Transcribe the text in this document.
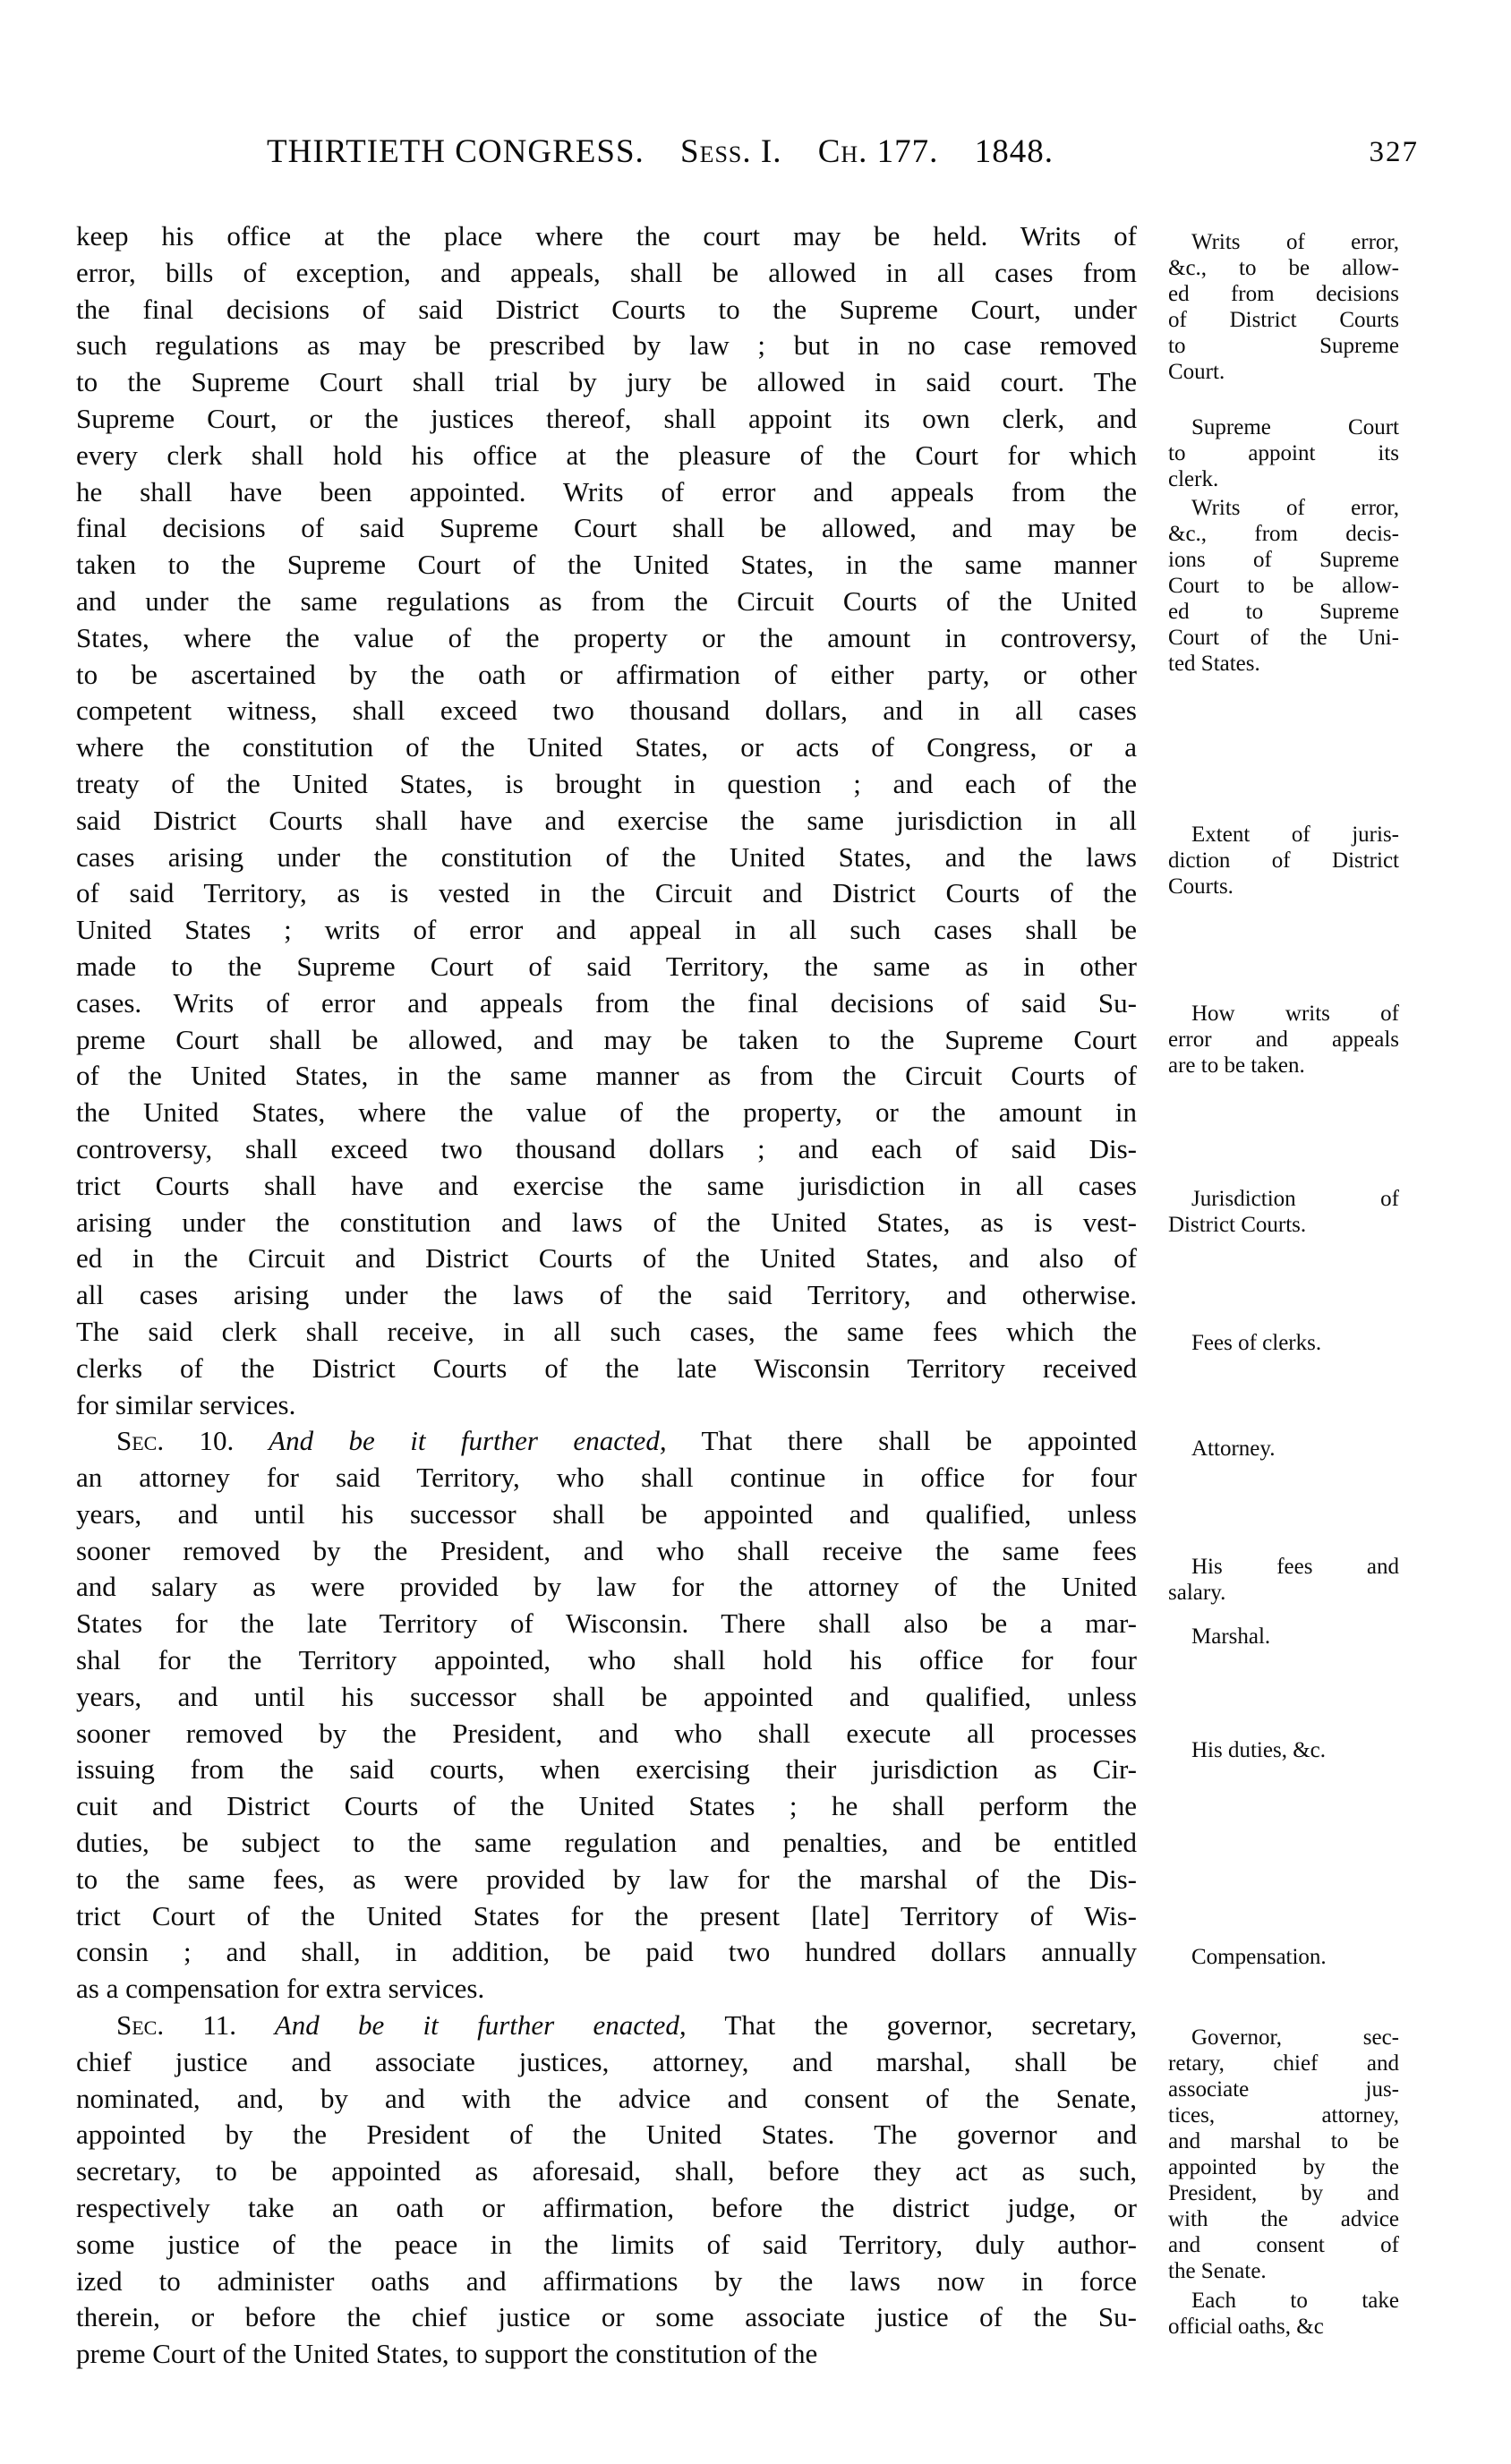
THIRTIETH CONGRESS. Sess. I. Ch. 177. 1848.	327
keep his office at the place where the court may be held. Writs of
error, bills of exception, and appeals, shall be allowed in all cases from
the final decisions of said District Courts to the Supreme Court, under
such regulations as may be prescribed by law ; but in no case removed
to the Supreme Court shall trial by jury be allowed in said court. The
Supreme Court, or the justices thereof, shall appoint its own clerk, and
every clerk shall hold his office at the pleasure of the Court for which
he shall have been appointed. Writs of error and appeals from the
final decisions of said Supreme Court shall be allowed, and may be
taken to the Supreme Court of the United States, in the same manner
and under the same regulations as from the Circuit Courts of the United
States, where the value of the property or the amount in controversy,
to be ascertained by the oath or affirmation of either party, or other
competent witness, shall exceed two thousand dollars, and in all cases
where the constitution of the United States, or acts of Congress, or a
treaty of the United States, is brought in question ; and each of the
said District Courts shall have and exercise the same jurisdiction in all
cases arising under the constitution of the United States, and the laws
of said Territory, as is vested in the Circuit and District Courts of the
United States ; writs of error and appeal in all such cases shall be
made to the Supreme Court of said Territory, the same as in other
cases. Writs of error and appeals from the final decisions of said Su-
preme Court shall be allowed, and may be taken to the Supreme Court
of the United States, in the same manner as from the Circuit Courts of
the United States, where the value of the property, or the amount in
controversy, shall exceed two thousand dollars ; and each of said Dis-
trict Courts shall have and exercise the same jurisdiction in all cases
arising under the constitution and laws of the United States, as is vest-
ed in the Circuit and District Courts of the United States, and also of
all cases arising under the laws of the said Territory, and otherwise.
The said clerk shall receive, in all such cases, the same fees which the
clerks of the District Courts of the late Wisconsin Territory received
for similar services.
Sec. 10. And be it further enacted, That there shall be appointed
an attorney for said Territory, who shall continue in office for four
years, and until his successor shall be appointed and qualified, unless
sooner removed by the President, and who shall receive the same fees
and salary as were provided by law for the attorney of the United
States for the late Territory of Wisconsin. There shall also be a mar-
shal for the Territory appointed, who shall hold his office for four
years, and until his successor shall be appointed and qualified, unless
sooner removed by the President, and who shall execute all processes
issuing from the said courts, when exercising their jurisdiction as Cir-
cuit and District Courts of the United States ; he shall perform the
duties, be subject to the same regulation and penalties, and be entitled
to the same fees, as were provided by law for the marshal of the Dis-
trict Court of the United States for the present [late] Territory of Wis-
consin ; and shall, in addition, be paid two hundred dollars annually
as a compensation for extra services.
Sec. 11. And be it further enacted, That the governor, secretary,
chief justice and associate justices, attorney, and marshal, shall be
nominated, and, by and with the advice and consent of the Senate,
appointed by the President of the United States. The governor and
secretary, to be appointed as aforesaid, shall, before they act as such,
respectively take an oath or affirmation, before the district judge, or
some justice of the peace in the limits of said Territory, duly author-
ized to administer oaths and affirmations by the laws now in force
therein, or before the chief justice or some associate justice of the Su-
preme Court of the United States, to support the constitution of the
Writs of error,
&c., to be allow-
ed from decisions
of District Courts
to Supreme
Court.
Supreme Court
to appoint its
clerk.
Writs of error,
&c., from decis-
ions of Supreme
Court to be allow-
ed to Supreme
Court of the Uni-
ted States.
Extent of juris-
diction of District
Courts.
How writs of
error and appeals
are to be taken.
Jurisdiction of
District Courts.
Fees of clerks.
Attorney.
His fees and
salary.
Marshal.
His duties, &c.
Compensation.
Governor, sec-
retary, chief and
associate jus-
tices, attorney,
and marshal to be
appointed by the
President, by and
with the advice
and consent of
the Senate.
Each to take
official oaths, &c
